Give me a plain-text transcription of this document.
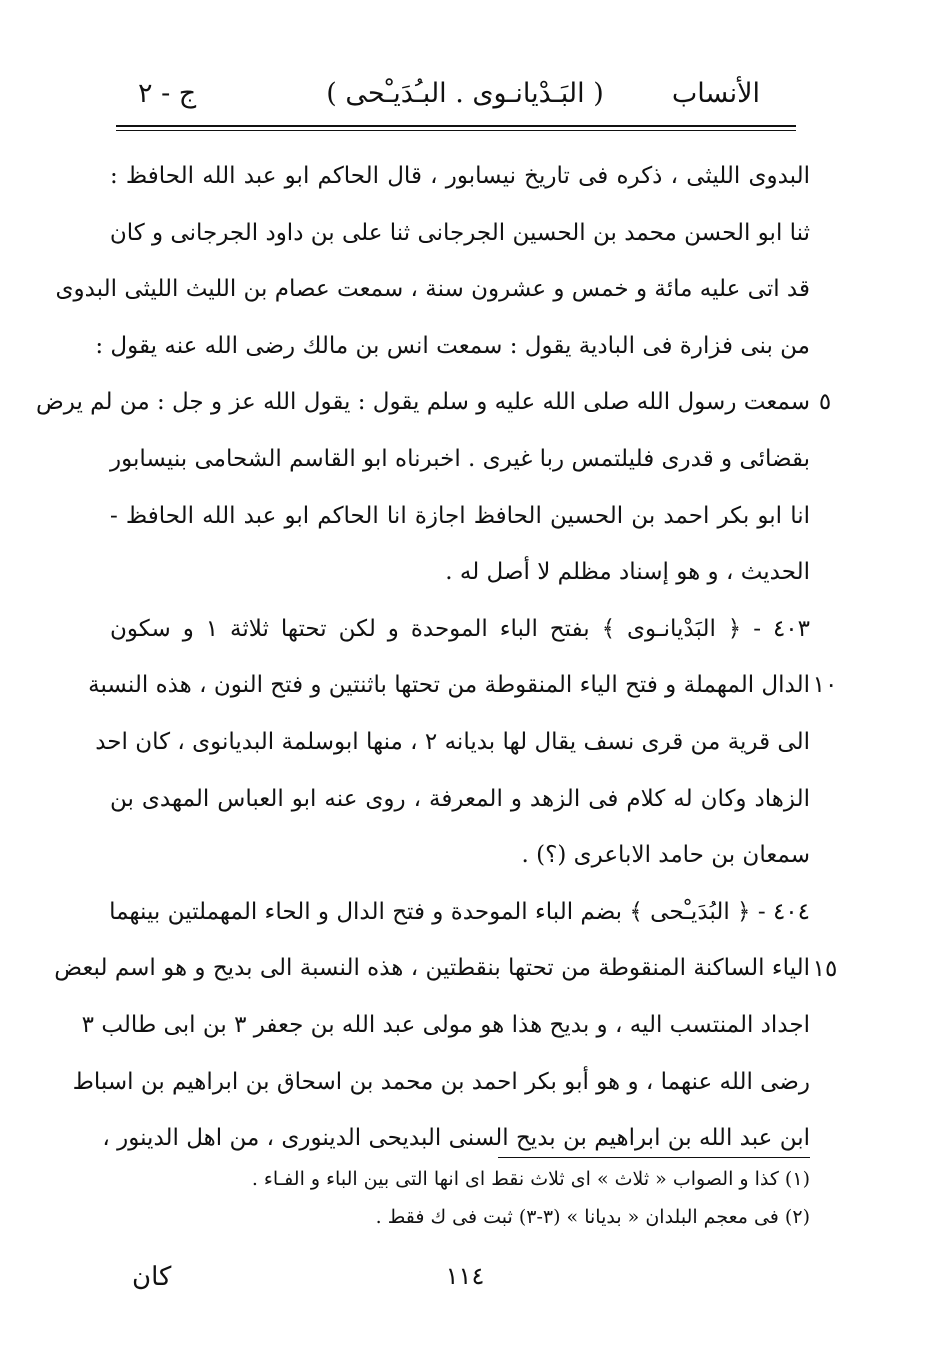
الأنساب
( البَـدْيانـوى . البـُدَيـْحى )
ج - ٢
البدوى الليثى ، ذكره فى تاريخ نيسابور ، قال الحاكم ابو عبد الله الحافظ :
ثنا ابو الحسن محمد بن الحسين الجرجانى ثنا على بن داود الجرجانى و كان
قد اتى عليه مائة و خمس و عشرون سنة ، سمعت عصام بن الليث الليثى البدوى
من بنى فزارة فى البادية يقول : سمعت انس بن مالك رضى الله عنه يقول :
سمعت رسول الله صلى الله عليه و سلم يقول : يقول الله عز و جل : من لم يرض
بقضائى و قدرى فليلتمس ربا غيرى . اخبرناه ابو القاسم الشحامى بنيسابور
انا ابو بكر احمد بن الحسين الحافظ اجازة انا الحاكم ابو عبد الله الحافظ -
الحديث ، و هو إسناد مظلم لا أصل له .
٤٠٣ - ﴿ البَدْيانـوى ﴾ بفتح الباء الموحدة و لكن تحتها ثلاثة ١ و سكون
الدال المهملة و فتح الياء المنقوطة من تحتها باثنتين و فتح النون ، هذه النسبة
الى قرية من قرى نسف يقال لها بديانه ٢ ، منها ابوسلمة البديانوى ، كان احد
الزهاد وكان له كلام فى الزهد و المعرفة ، روى عنه ابو العباس المهدى بن
سمعان بن حامد الاباعرى (؟) .
٤٠٤ - ﴿ البُدَيـْحى ﴾ بضم الباء الموحدة و فتح الدال و الحاء المهملتين بينهما
الياء الساكنة المنقوطة من تحتها بنقطتين ، هذه النسبة الى بديح و هو اسم لبعض
اجداد المنتسب اليه ، و بديح هذا هو مولى عبد الله بن جعفر ٣ بن ابى طالب ٣
رضى الله عنهما ، و هو أبو بكر احمد بن محمد بن اسحاق بن ابراهيم بن اسباط
ابن عبد الله بن ابراهيم بن بديح السنى البديحى الدينورى ، من اهل الدينور ،
٥
١٠
١٥
(١) كذا و الصواب « ثلاث » اى ثلاث نقط اى انها التى بين الباء و الفـاء .
(٢) فى معجم البلدان « بديانا » (٣-٣) ثبت فى ك فقط .
١١٤
كان
